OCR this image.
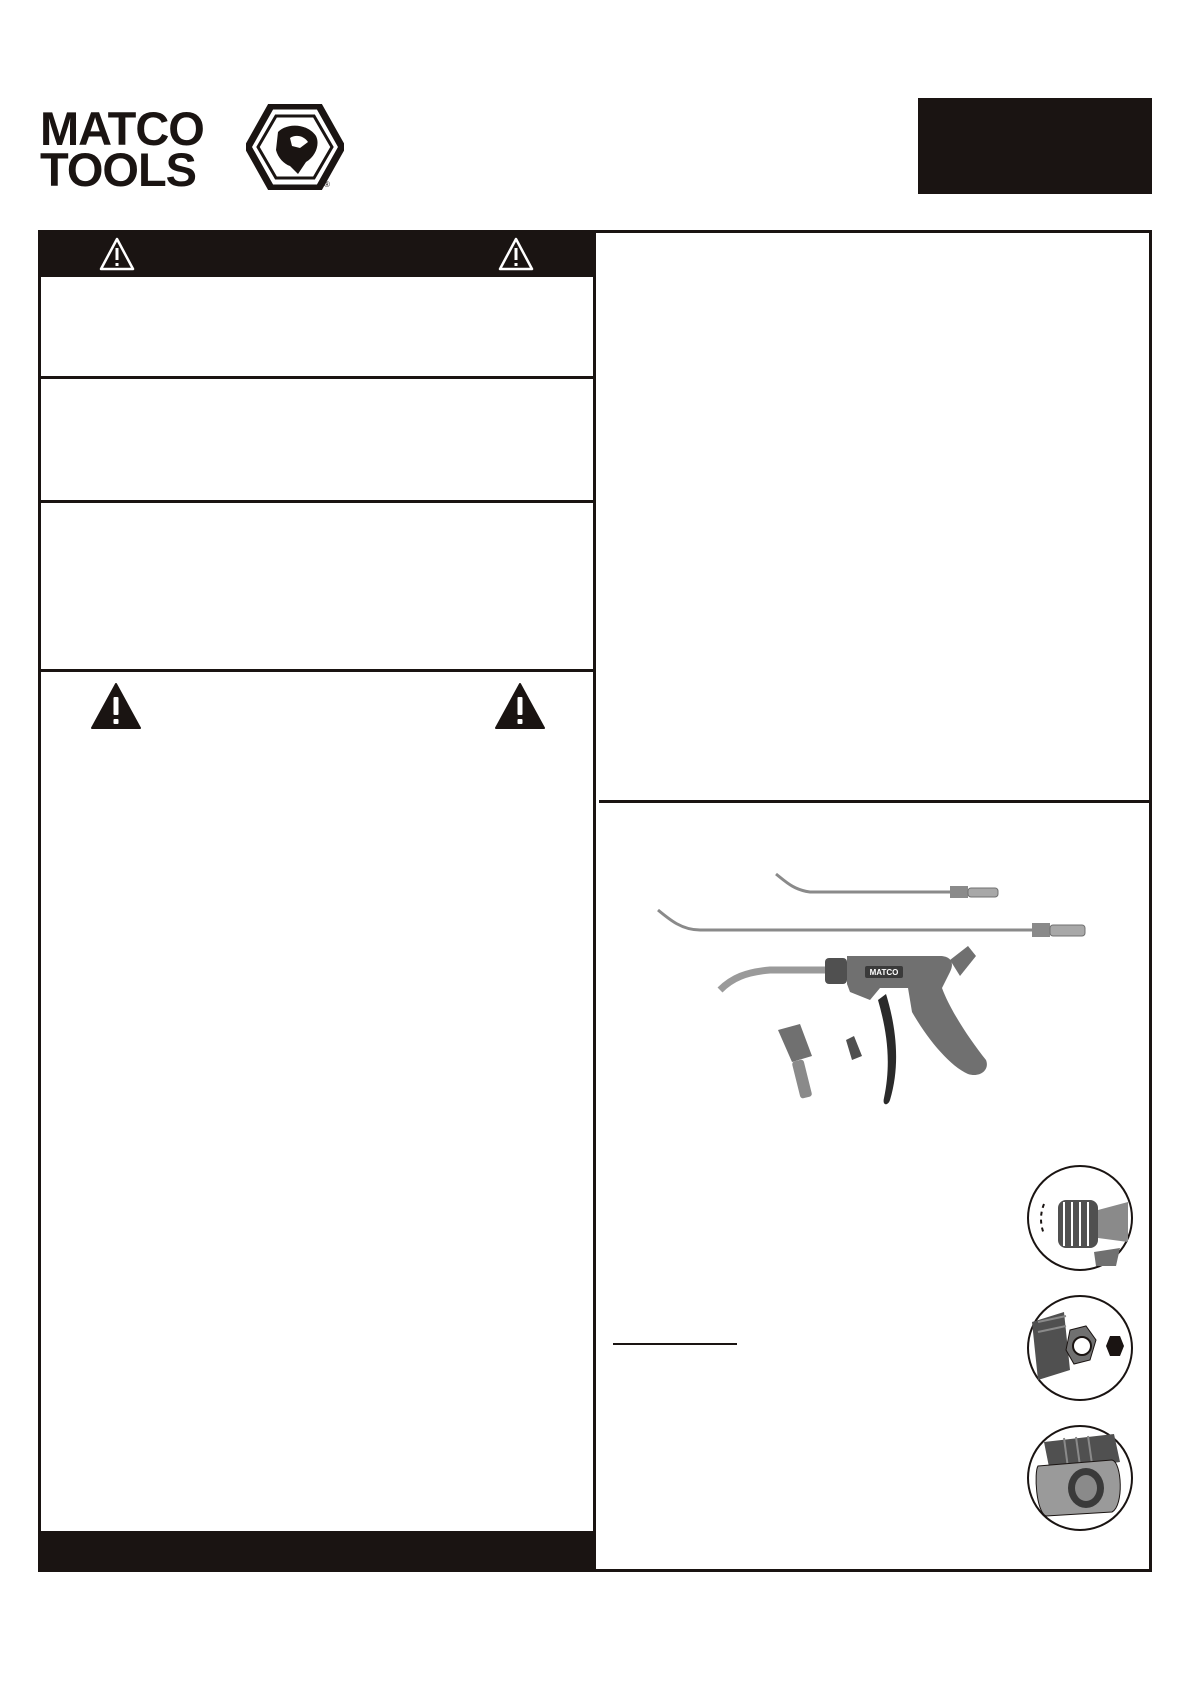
MATCO
TOOLS	®
MATCO
